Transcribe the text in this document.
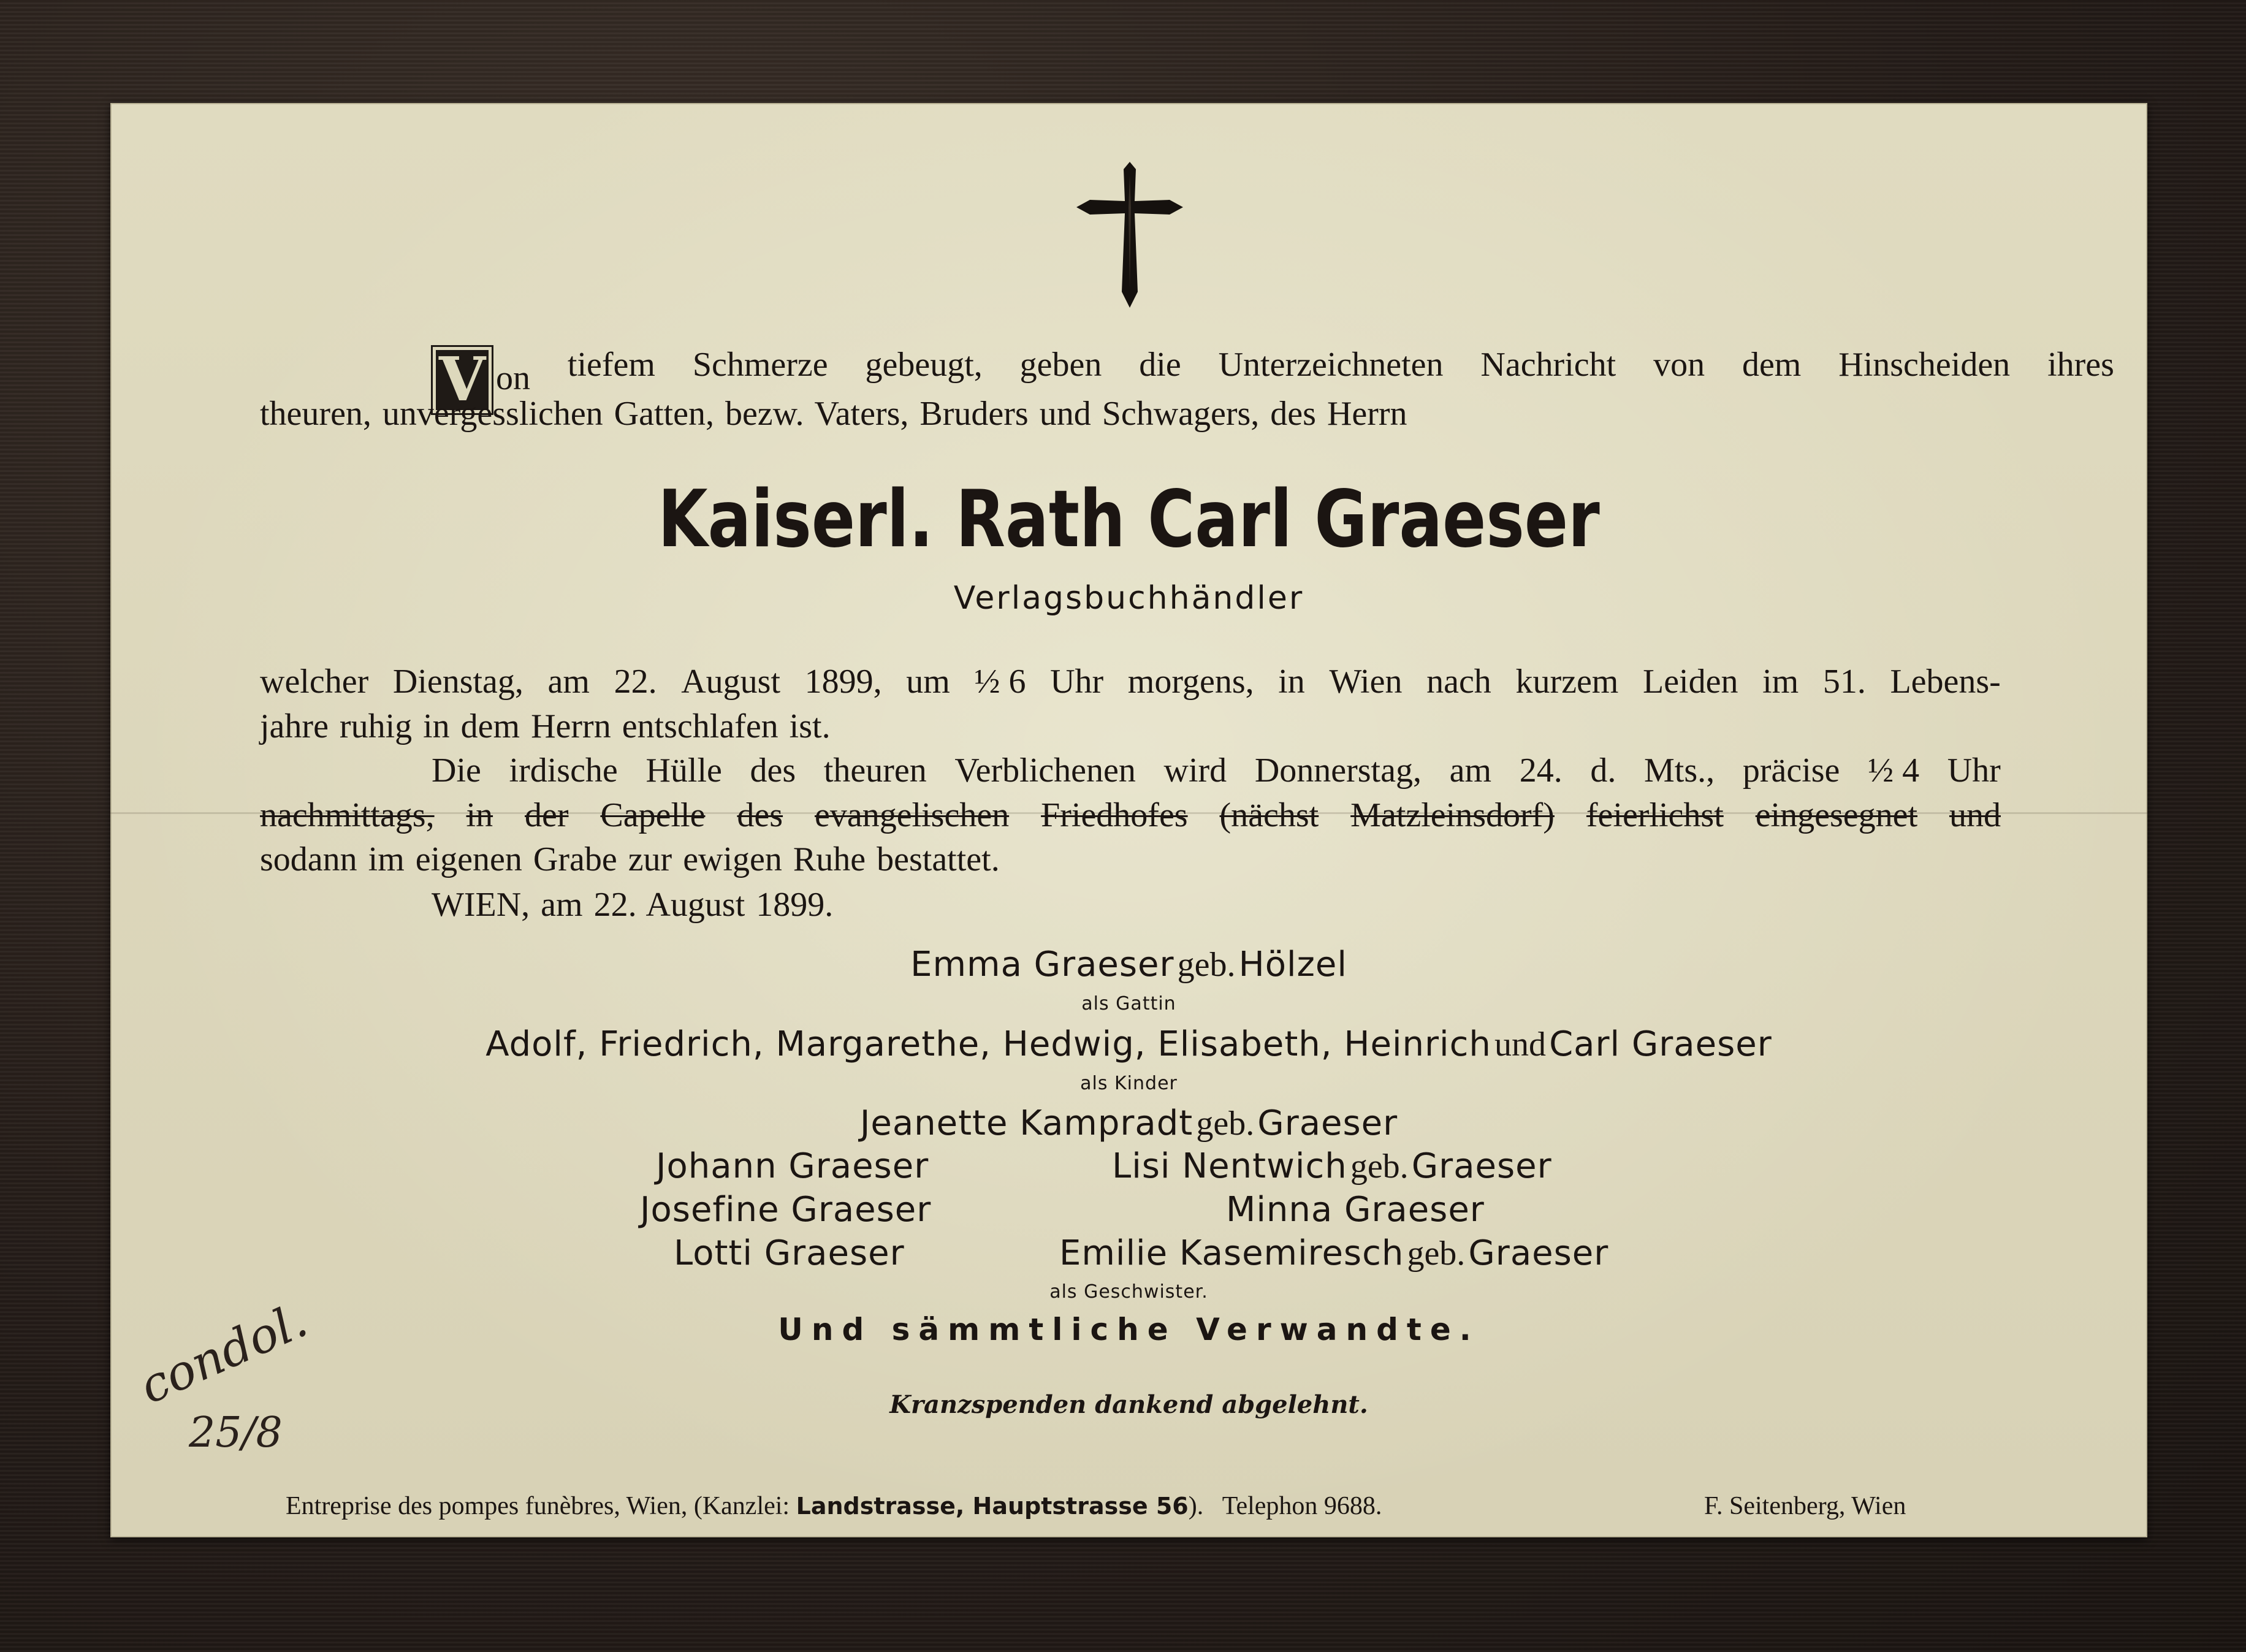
V on tiefem Schmerze gebeugt, geben die Unterzeichneten Nachricht von dem Hinscheiden ihres
theuren, unvergesslichen Gatten, bezw. Vaters, Bruders und Schwagers, des Herrn
Kaiserl. Rath Carl Graeser
Verlagsbuchhändler
welcher Dienstag, am 22. August 1899, um ½ 6 Uhr morgens, in Wien nach kurzem Leiden im 51. Lebens-
jahre ruhig in dem Herrn entschlafen ist.
Die irdische Hülle des theuren Verblichenen wird Donnerstag, am 24. d. Mts., präcise ½ 4 Uhr
nachmittags, in der Capelle des evangelischen Friedhofes (nächst Matzleinsdorf) feierlichst eingesegnet und
sodann im eigenen Grabe zur ewigen Ruhe bestattet.
WIEN, am 22. August 1899.
Emma Graeser geb. Hölzel
als Gattin
Adolf, Friedrich, Margarethe, Hedwig, Elisabeth, Heinrich und Carl Graeser
als Kinder
Jeanette Kampradt geb. Graeser
Johann Graeser	Lisi Nentwich geb. Graeser
Josefine Graeser	Minna Graeser
Lotti Graeser	Emilie Kasemiresch geb. Graeser
als Geschwister.
Und sämmtliche Verwandte.
Kranzspenden dankend abgelehnt.
condol.
25/8
Entreprise des pompes funèbres, Wien, (Kanzlei: Landstrasse, Hauptstrasse 56). Telephon 9688.	F. Seitenberg, Wien
